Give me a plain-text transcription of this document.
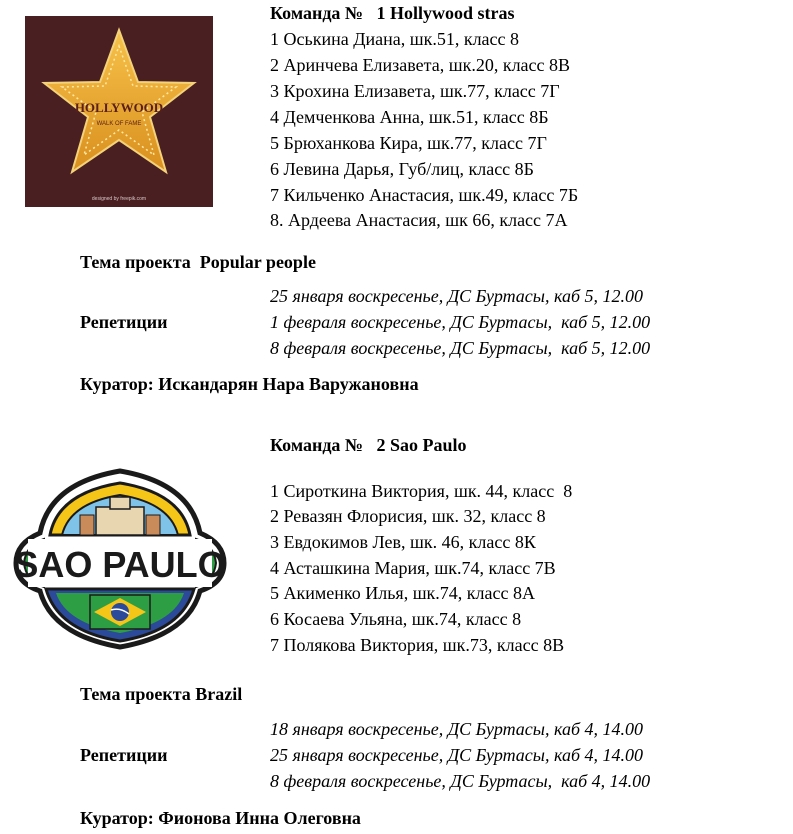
HOLLYWOOD
WALK OF FAME
designed by freepik.com
Команда №   1 Hollywood stras
1 Оськина Диана, шк.51, класс 8
2 Аринчева Елизавета, шк.20, класс 8В
3 Крохина Елизавета, шк.77, класс 7Г
4 Демченкова Анна, шк.51, класс 8Б
5 Брюханкова Кира, шк.77, класс 7Г
6 Левина Дарья, Губ/лиц, класс 8Б
7 Кильченко Анастасия, шк.49, класс 7Б
8. Ардеева Анастасия, шк 66, класс 7А
Тема проекта  Popular people
Репетиции
25 января воскресенье, ДС Буртасы, каб 5, 12.00
1 февраля воскресенье, ДС Буртасы,  каб 5, 12.00
8 февраля воскресенье, ДС Буртасы,  каб 5, 12.00
Куратор: Искандарян Нара Варужановна
SAO PAULO
Команда №   2 Sao Paulo
1 Сироткина Виктория, шк. 44, класс  8
2 Ревазян Флорисия, шк. 32, класс 8
3 Евдокимов Лев, шк. 46, класс 8К
4 Асташкина Мария, шк.74, класс 7В
5 Акименко Илья, шк.74, класс 8А
6 Косаева Ульяна, шк.74, класс 8
7 Полякова Виктория, шк.73, класс 8В
Тема проекта Brazil
Репетиции
18 января воскресенье, ДС Буртасы, каб 4, 14.00
25 января воскресенье, ДС Буртасы, каб 4, 14.00
8 февраля воскресенье, ДС Буртасы,  каб 4, 14.00
Куратор: Фионова Инна Олеговна
